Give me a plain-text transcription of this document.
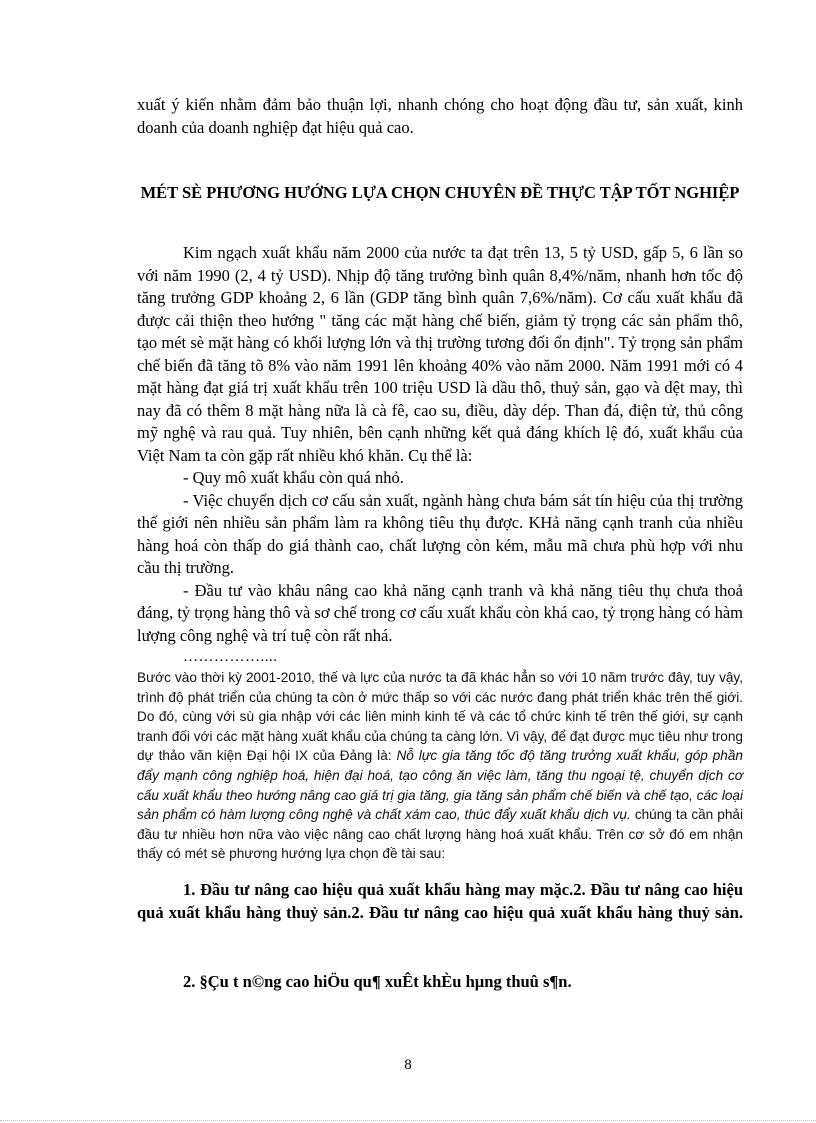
xuất ý kiến nhằm đảm bảo thuận lợi, nhanh chóng cho hoạt động đầu tư, sản xuất, kinh doanh của doanh nghiệp đạt hiệu quả cao.
MÉT SÈ PHƯƠNG HƯỚNG LỰA CHỌN CHUYÊN ĐỀ THỰC TẬP TỐT NGHIỆP
Kim ngạch xuất khẩu năm 2000 của nước ta đạt trên 13, 5 tỷ USD, gấp 5, 6 lần so với năm 1990 (2, 4 tỷ USD). Nhịp độ tăng trưởng bình quân 8,4%/năm, nhanh hơn tốc độ tăng trưởng GDP khoảng 2, 6 lần (GDP tăng bình quân 7,6%/năm). Cơ cấu xuất khẩu đã được cải thiện theo hướng " tăng các mặt hàng chế biến, giảm tỷ trọng các sản phẩm thô, tạo mét sè mặt hàng có khối lượng lớn và thị trường tương đối ổn định". Tỷ trọng sản phẩm chế biến đã tăng tõ 8% vào năm 1991 lên khoảng 40% vào năm 2000. Năm 1991 mới có 4 mặt hàng đạt giá trị xuất khẩu trên 100 triệu USD là dầu thô, thuỷ sản, gạo và dệt may, thì nay đã có thêm 8 mặt hàng nữa là cà fê, cao su, điều, dày dép. Than đá, điện tử, thủ công mỹ nghệ và rau quả. Tuy nhiên, bên cạnh những kết quả đáng khích lệ đó, xuất khẩu của Việt Nam ta còn gặp rất nhiều khó khăn. Cụ thể là:
- Quy mô xuất khẩu còn quá nhỏ.
- Việc chuyển dịch cơ cấu sản xuất, ngành hàng chưa bám sát tín hiệu của thị trường thế giới nên nhiều sản phẩm làm ra không tiêu thụ được. KHả năng cạnh tranh của nhiều hàng hoá còn thấp do giá thành cao, chất lượng còn kém, mẫu mã chưa phù hợp với nhu cầu thị trường.
- Đầu tư vào khâu nâng cao khả năng cạnh tranh và khả năng tiêu thụ chưa thoả đáng, tỷ trọng hàng thô và sơ chế trong cơ cấu xuất khẩu còn khá cao, tỷ trọng hàng có hàm lượng công nghệ và trí tuệ còn rất nhá.
……………....
Bước vào thời kỳ 2001-2010, thế và lực của nước ta đã khác hẳn so với 10 năm trước đây, tuy vậy, trình độ phát triển của chúng ta còn ở mức thấp so với các nước đang phát triển khác trên thế giới. Do đó, cùng với sù gia nhập với các liên minh kinh tế và các tổ chức kinh tế trên thế giới, sự cạnh tranh đối với các mặt hàng xuất khẩu của chúng ta càng lớn. Vì vậy, để đạt được mục tiêu như trong dự thảo văn kiện Đại hội IX của Đảng là: Nỗ lực gia tăng tốc độ tăng trưởng xuất khẩu, góp phần đẩy mạnh công nghiệp hoá, hiện đại hoá, tạo công ăn việc làm, tăng thu ngoại tệ, chuyển dịch cơ cấu xuất khẩu theo hướng nâng cao giá trị gia tăng, gia tăng sản phẩm chế biến và chế tạo, các loại sản phẩm có hàm lượng công nghệ và chất xám cao, thúc đẩy xuất khẩu dịch vụ. chúng ta cần phải đầu tư nhiều hơn nữa vào việc nâng cao chất lượng hàng hoá xuất khẩu. Trên cơ sở đó em nhận thấy có mét sè phương hướng lựa chọn đề tài sau:
1. Đầu tư nâng cao hiệu quả xuất khẩu hàng may mặc.2. Đầu tư nâng cao hiệu quả xuất khẩu hàng thuỷ sản.2. Đầu tư nâng cao hiệu quả xuất khẩu hàng thuỷ sản.
2. §Çu t n©ng cao hiÖu qu¶ xuÊt khÈu hµng thuû s¶n.
8
